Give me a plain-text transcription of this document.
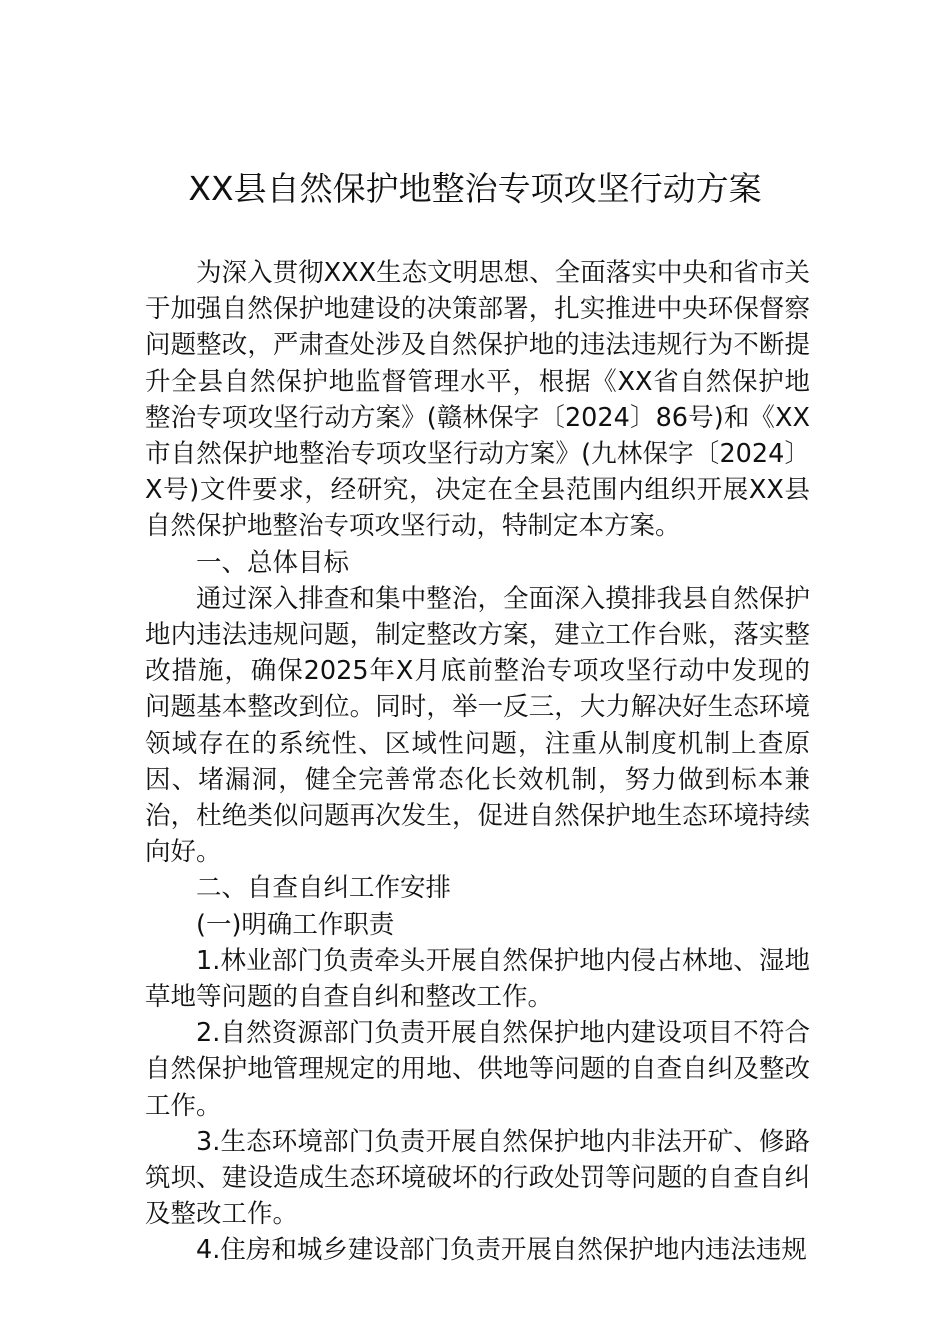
XX县自然保护地整治专项攻坚行动方案

为深入贯彻XXX生态文明思想、全面落实中央和省市关于加强自然保护地建设的决策部署，扎实推进中央环保督察问题整改，严肃查处涉及自然保护地的违法违规行为不断提升全县自然保护地监督管理水平，根据《XX省自然保护地整治专项攻坚行动方案》(赣林保字〔2024〕86号)和《XX市自然保护地整治专项攻坚行动方案》(九林保字〔2024〕X号)文件要求，经研究，决定在全县范围内组织开展XX县自然保护地整治专项攻坚行动，特制定本方案。

一、总体目标

通过深入排查和集中整治，全面深入摸排我县自然保护地内违法违规问题，制定整改方案，建立工作台账，落实整改措施，确保2025年X月底前整治专项攻坚行动中发现的问题基本整改到位。同时，举一反三，大力解决好生态环境领域存在的系统性、区域性问题，注重从制度机制上查原因、堵漏洞，健全完善常态化长效机制，努力做到标本兼治，杜绝类似问题再次发生，促进自然保护地生态环境持续向好。

二、自查自纠工作安排

(一)明确工作职责

1.林业部门负责牵头开展自然保护地内侵占林地、湿地草地等问题的自查自纠和整改工作。

2.自然资源部门负责开展自然保护地内建设项目不符合自然保护地管理规定的用地、供地等问题的自查自纠及整改工作。

3.生态环境部门负责开展自然保护地内非法开矿、修路筑坝、建设造成生态环境破坏的行政处罚等问题的自查自纠及整改工作。

4.住房和城乡建设部门负责开展自然保护地内违法违规
